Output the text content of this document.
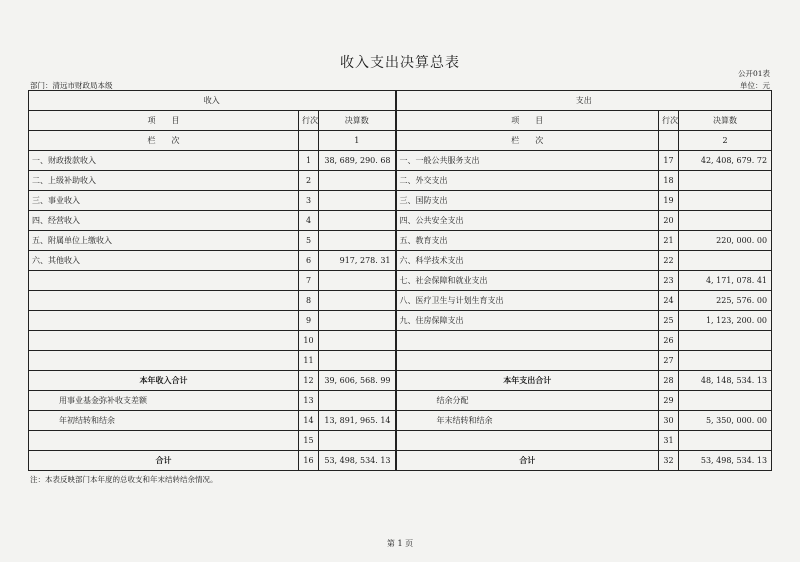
收入支出决算总表
公开01表
部门：清远市财政局本级	单位：元
收入			支出		
项　　目	行次	决算数	项　　目	行次	决算数
栏　　次		1	栏　　次		2
一、财政拨款收入	1	38, 689, 290. 68	一、一般公共服务支出	17	42, 408, 679. 72
二、上级补助收入	2		二、外交支出	18	
三、事业收入	3		三、国防支出	19	
四、经营收入	4		四、公共安全支出	20	
五、附属单位上缴收入	5		五、教育支出	21	220, 000. 00
六、其他收入	6	917, 278. 31	六、科学技术支出	22	
	7		七、社会保障和就业支出	23	4, 171, 078. 41
	8		八、医疗卫生与计划生育支出	24	225, 576. 00
	9		九、住房保障支出	25	1, 123, 200. 00
	10			26	
	11			27	
本年收入合计	12	39, 606, 568. 99	本年支出合计	28	48, 148, 534. 13
用事业基金弥补收支差额	13		结余分配	29	
年初结转和结余	14	13, 891, 965. 14	年末结转和结余	30	5, 350, 000. 00
	15			31	
合计	16	53, 498, 534. 13	合计	32	53, 498, 534. 13
注：本表反映部门本年度的总收支和年末结转结余情况。
第 1 页
